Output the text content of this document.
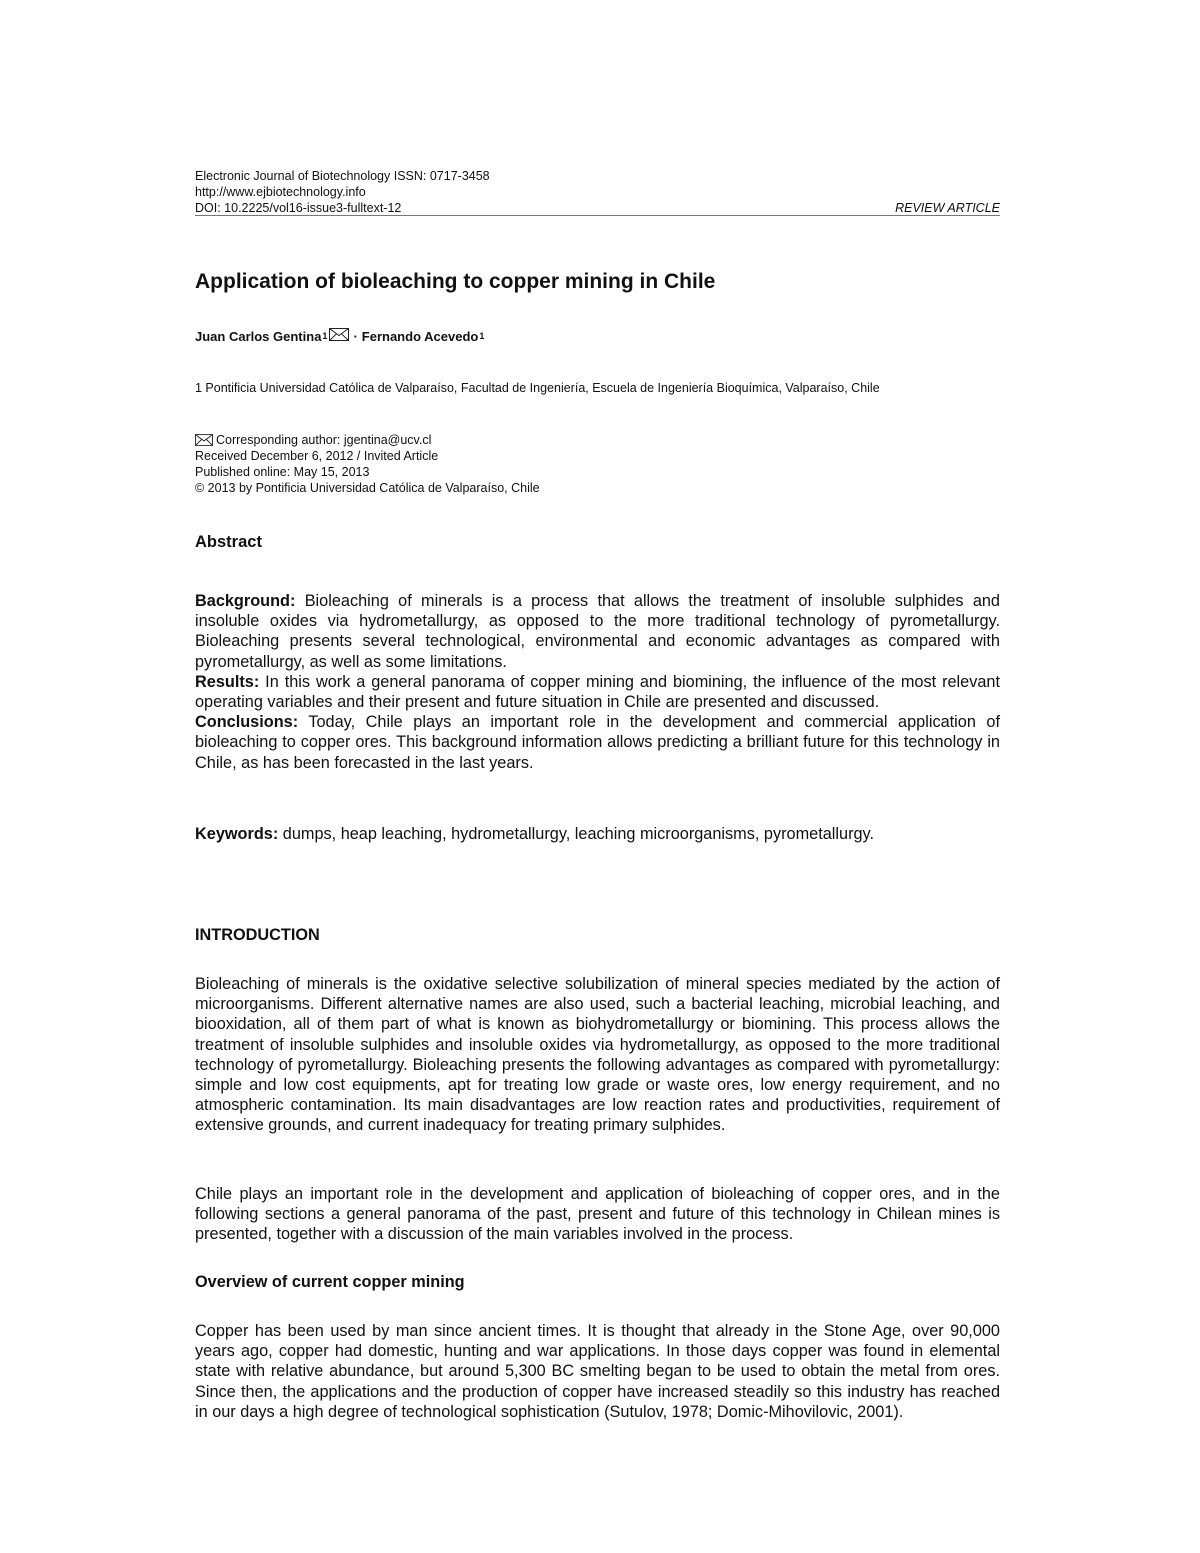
Electronic Journal of Biotechnology ISSN: 0717-3458
http://www.ejbiotechnology.info
DOI: 10.2225/vol16-issue3-fulltext-12	REVIEW ARTICLE
Application of bioleaching to copper mining in Chile
Juan Carlos Gentina$^1$ · Fernando Acevedo$^1$
1 Pontificia Universidad Católica de Valparaíso, Facultad de Ingeniería, Escuela de Ingeniería Bioquímica, Valparaíso, Chile
Corresponding author: jgentina@ucv.cl
Received December 6, 2012 / Invited Article
Published online: May 15, 2013
© 2013 by Pontificia Universidad Católica de Valparaíso, Chile
Abstract

Background: Bioleaching of minerals is a process that allows the treatment of insoluble sulphides and insoluble oxides via hydrometallurgy, as opposed to the more traditional technology of pyrometallurgy. Bioleaching presents several technological, environmental and economic advantages as compared with pyrometallurgy, as well as some limitations.

Results: In this work a general panorama of copper mining and biomining, the influence of the most relevant operating variables and their present and future situation in Chile are presented and discussed.

Conclusions: Today, Chile plays an important role in the development and commercial application of bioleaching to copper ores. This background information allows predicting a brilliant future for this technology in Chile, as has been forecasted in the last years.

Keywords: dumps, heap leaching, hydrometallurgy, leaching microorganisms, pyrometallurgy.
INTRODUCTION

Bioleaching of minerals is the oxidative selective solubilization of mineral species mediated by the action of microorganisms. Different alternative names are also used, such a bacterial leaching, microbial leaching, and biooxidation, all of them part of what is known as biohydrometallurgy or biomining. This process allows the treatment of insoluble sulphides and insoluble oxides via hydrometallurgy, as opposed to the more traditional technology of pyrometallurgy. Bioleaching presents the following advantages as compared with pyrometallurgy: simple and low cost equipments, apt for treating low grade or waste ores, low energy requirement, and no atmospheric contamination. Its main disadvantages are low reaction rates and productivities, requirement of extensive grounds, and current inadequacy for treating primary sulphides.

Chile plays an important role in the development and application of bioleaching of copper ores, and in the following sections a general panorama of the past, present and future of this technology in Chilean mines is presented, together with a discussion of the main variables involved in the process.

Overview of current copper mining

Copper has been used by man since ancient times. It is thought that already in the Stone Age, over 90,000 years ago, copper had domestic, hunting and war applications. In those days copper was found in elemental state with relative abundance, but around 5,300 BC smelting began to be used to obtain the metal from ores. Since then, the applications and the production of copper have increased steadily so this industry has reached in our days a high degree of technological sophistication (Sutulov, 1978; Domic-Mihovilovic, 2001).
